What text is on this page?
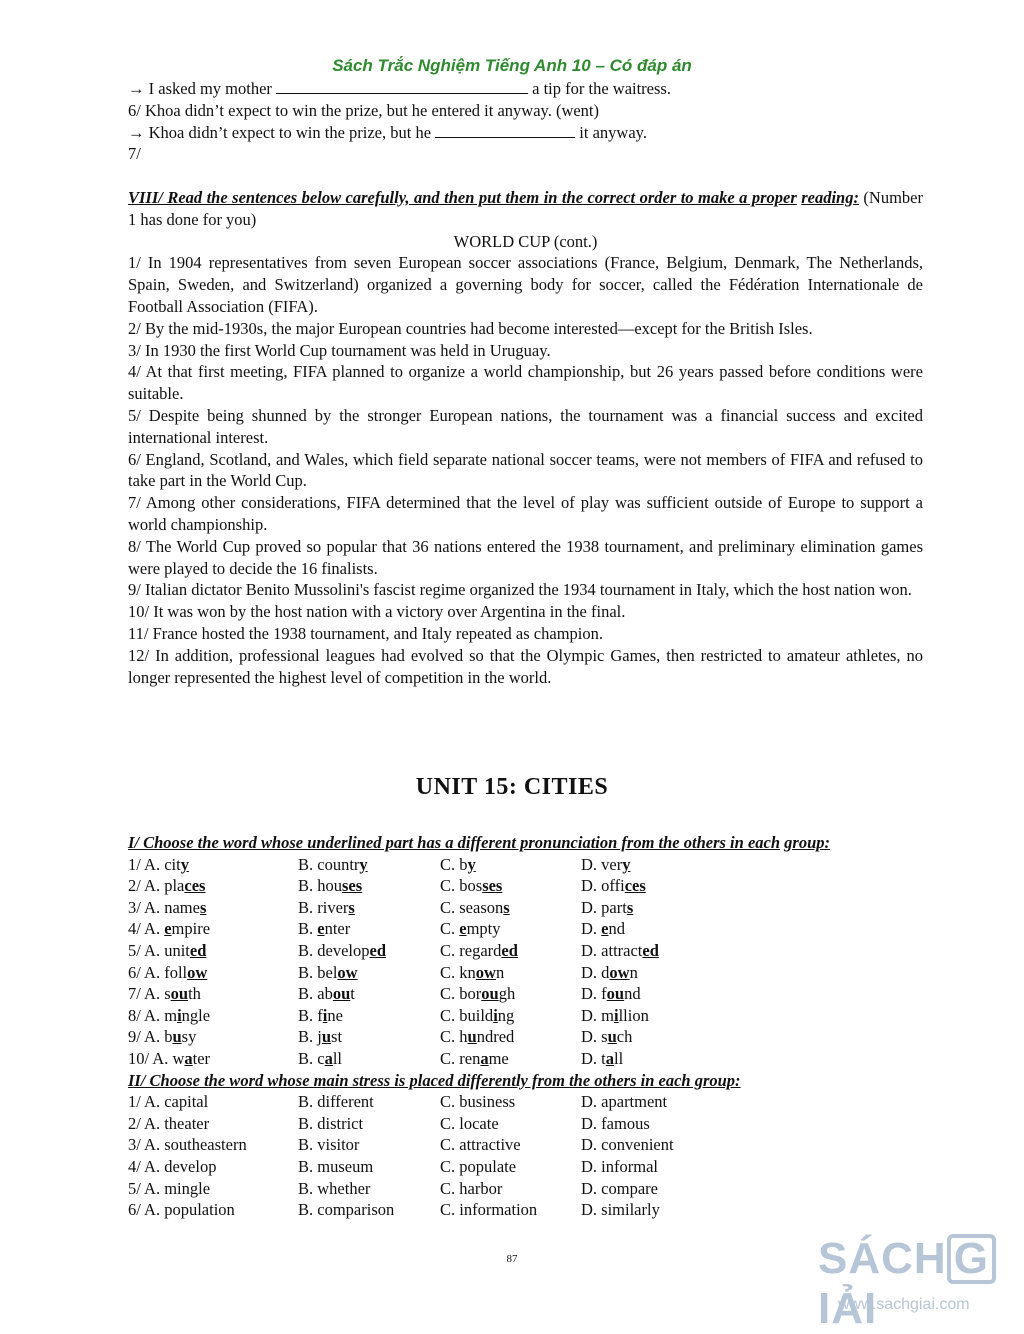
Sách Trắc Nghiệm Tiếng Anh 10 – Có đáp án
→ I asked my mother	a tip for the waitress.
6/ Khoa didn’t expect to win the prize, but he entered it anyway. (went)
→ Khoa didn’t expect to win the prize, but he	it anyway.
7/
VIII/ Read the sentences below carefully, and then put them in the correct order to make a proper reading: (Number 1 has done for you)
WORLD CUP (cont.)
1/ In 1904 representatives from seven European soccer associations (France, Belgium, Denmark, The Netherlands, Spain, Sweden, and Switzerland) organized a governing body for soccer, called the Fédération Internationale de Football Association (FIFA).
2/ By the mid-1930s, the major European countries had become interested—except for the British Isles.
3/ In 1930 the first World Cup tournament was held in Uruguay.
4/ At that first meeting, FIFA planned to organize a world championship, but 26 years passed before conditions were suitable.
5/ Despite being shunned by the stronger European nations, the tournament was a financial success and excited international interest.
6/ England, Scotland, and Wales, which field separate national soccer teams, were not members of FIFA and refused to take part in the World Cup.
7/ Among other considerations, FIFA determined that the level of play was sufficient outside of Europe to support a world championship.
8/ The World Cup proved so popular that 36 nations entered the 1938 tournament, and preliminary elimination games were played to decide the 16 finalists.
9/ Italian dictator Benito Mussolini's fascist regime organized the 1934 tournament in Italy, which the host nation won.
10/ It was won by the host nation with a victory over Argentina in the final.
11/ France hosted the 1938 tournament, and Italy repeated as champion.
12/ In addition, professional leagues had evolved so that the Olympic Games, then restricted to amateur athletes, no longer represented the highest level of competition in the world.
UNIT 15: CITIES
I/ Choose the word whose underlined part has a different pronunciation from the others in each group:
1/ A. city	B. country	C. by	D. very
2/ A. places	B. houses	C. bosses	D. offices
3/ A. names	B. rivers	C. seasons	D. parts
4/ A. empire	B. enter	C. empty	D. end
5/ A. united	B. developed	C. regarded	D. attracted
6/ A. follow	B. below	C. known	D. down
7/ A. south	B. about	C. borough	D. found
8/ A. mingle	B. fine	C. building	D. million
9/ A. busy	B. just	C. hundred	D. such
10/ A. water	B. call	C. rename	D. tall
II/ Choose the word whose main stress is placed differently from the others in each group:
1/ A. capital	B. different	C. business	D. apartment
2/ A. theater	B. district	C. locate	D. famous
3/ A. southeastern	B. visitor	C. attractive	D. convenient
4/ A. develop	B. museum	C. populate	D. informal
5/ A. mingle	B. whether	C. harbor	D. compare
6/ A. population	B. comparison	C. information	D. similarly
87	SÁCH GIẢI
www.sachgiai.com
